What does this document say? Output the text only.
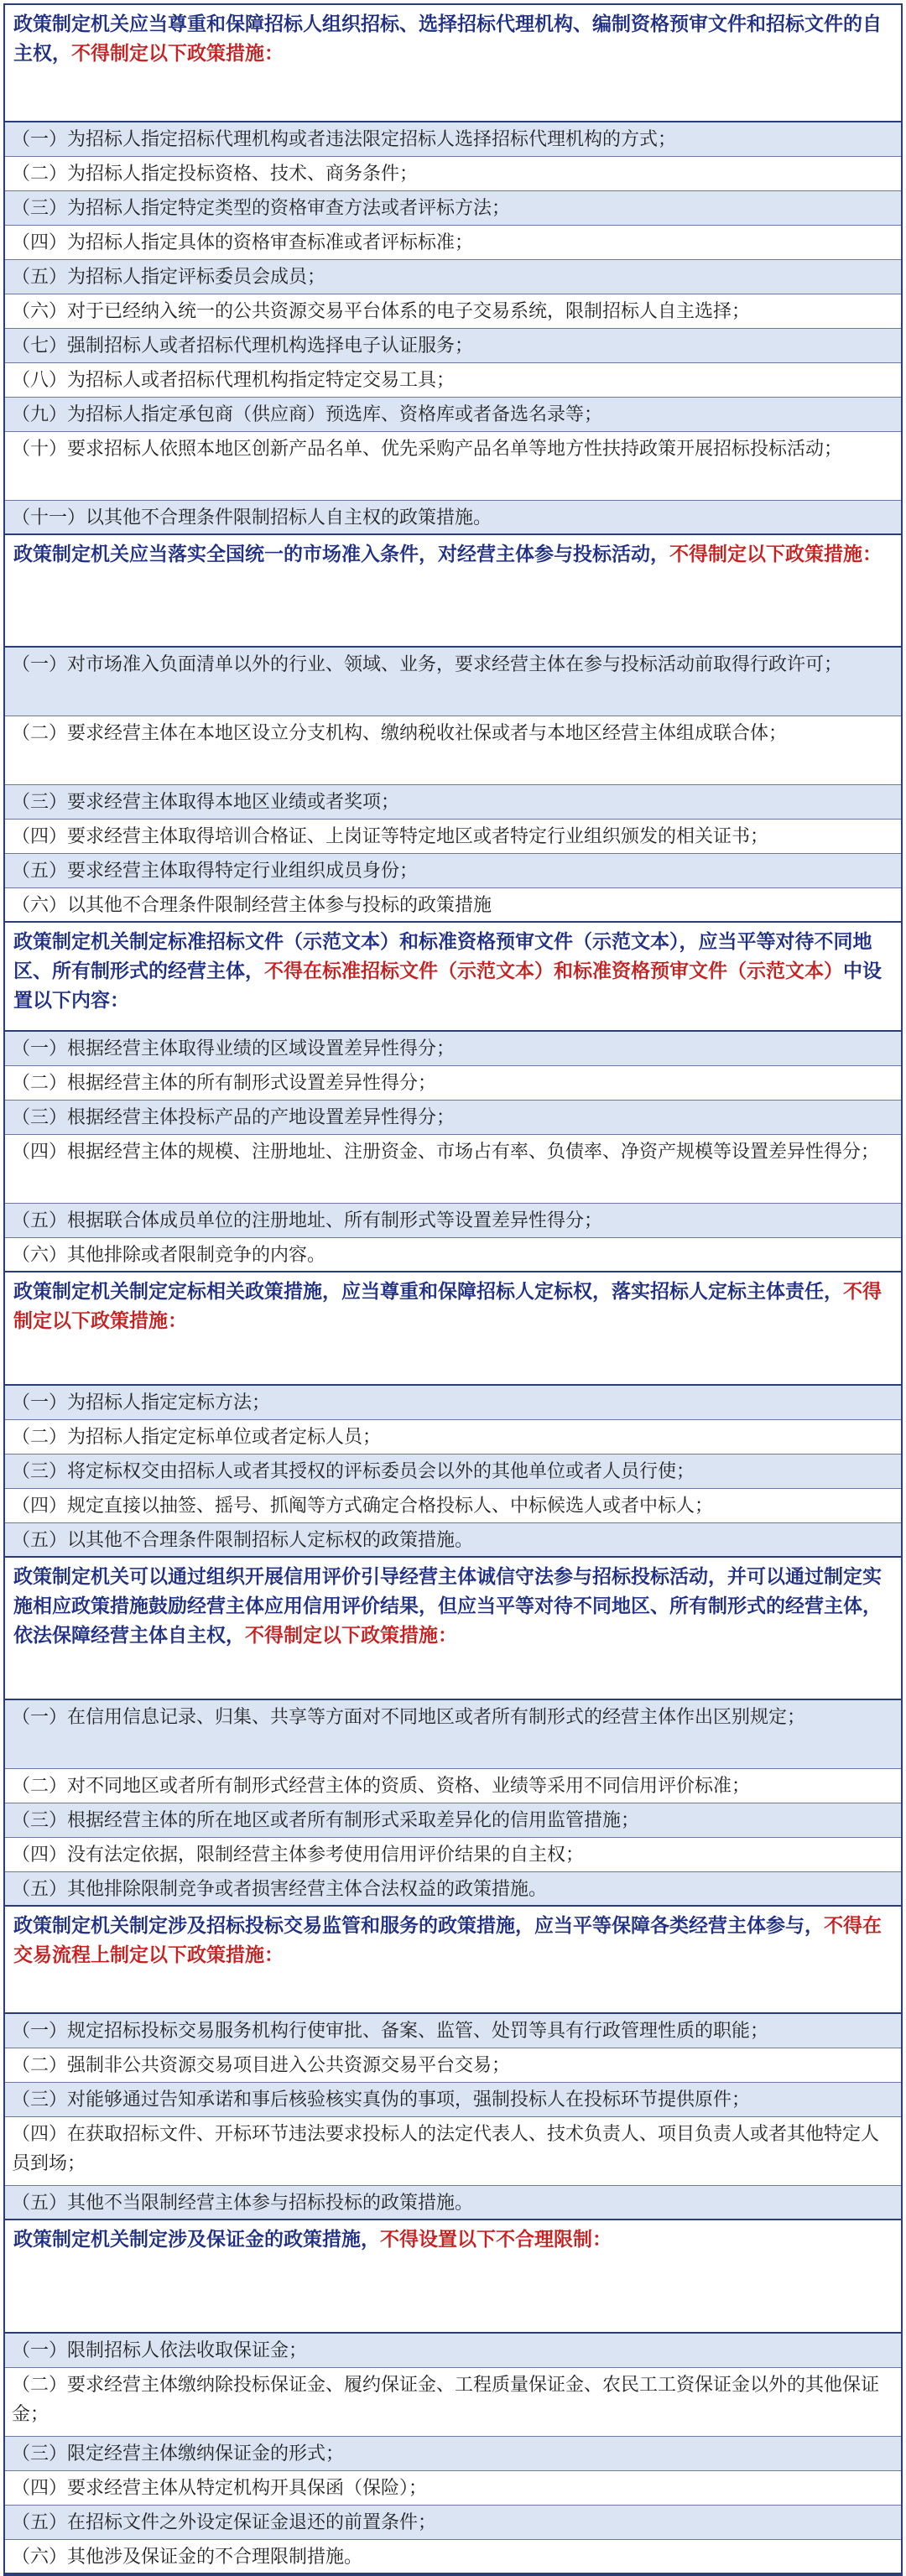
政策制定机关应当尊重和保障招标人组织招标、选择招标代理机构、编制资格预审文件和招标文件的自主权，不得制定以下政策措施：
（一）为招标人指定招标代理机构或者违法限定招标人选择招标代理机构的方式；
（二）为招标人指定投标资格、技术、商务条件；
（三）为招标人指定特定类型的资格审查方法或者评标方法；
（四）为招标人指定具体的资格审查标准或者评标标准；
（五）为招标人指定评标委员会成员；
（六）对于已经纳入统一的公共资源交易平台体系的电子交易系统，限制招标人自主选择；
（七）强制招标人或者招标代理机构选择电子认证服务；
（八）为招标人或者招标代理机构指定特定交易工具；
（九）为招标人指定承包商（供应商）预选库、资格库或者备选名录等；
（十）要求招标人依照本地区创新产品名单、优先采购产品名单等地方性扶持政策开展招标投标活动；
（十一）以其他不合理条件限制招标人自主权的政策措施。
政策制定机关应当落实全国统一的市场准入条件，对经营主体参与投标活动，不得制定以下政策措施：
（一）对市场准入负面清单以外的行业、领域、业务，要求经营主体在参与投标活动前取得行政许可；
（二）要求经营主体在本地区设立分支机构、缴纳税收社保或者与本地区经营主体组成联合体；
（三）要求经营主体取得本地区业绩或者奖项；
（四）要求经营主体取得培训合格证、上岗证等特定地区或者特定行业组织颁发的相关证书；
（五）要求经营主体取得特定行业组织成员身份；
（六）以其他不合理条件限制经营主体参与投标的政策措施
政策制定机关制定标准招标文件（示范文本）和标准资格预审文件（示范文本），应当平等对待不同地区、所有制形式的经营主体，不得在标准招标文件（示范文本）和标准资格预审文件（示范文本）中设置以下内容：
（一）根据经营主体取得业绩的区域设置差异性得分；
（二）根据经营主体的所有制形式设置差异性得分；
（三）根据经营主体投标产品的产地设置差异性得分；
（四）根据经营主体的规模、注册地址、注册资金、市场占有率、负债率、净资产规模等设置差异性得分；
（五）根据联合体成员单位的注册地址、所有制形式等设置差异性得分；
（六）其他排除或者限制竞争的内容。
政策制定机关制定定标相关政策措施，应当尊重和保障招标人定标权，落实招标人定标主体责任，不得制定以下政策措施：
（一）为招标人指定定标方法；
（二）为招标人指定定标单位或者定标人员；
（三）将定标权交由招标人或者其授权的评标委员会以外的其他单位或者人员行使；
（四）规定直接以抽签、摇号、抓阄等方式确定合格投标人、中标候选人或者中标人；
（五）以其他不合理条件限制招标人定标权的政策措施。
政策制定机关可以通过组织开展信用评价引导经营主体诚信守法参与招标投标活动，并可以通过制定实施相应政策措施鼓励经营主体应用信用评价结果，但应当平等对待不同地区、所有制形式的经营主体，依法保障经营主体自主权，不得制定以下政策措施：
（一）在信用信息记录、归集、共享等方面对不同地区或者所有制形式的经营主体作出区别规定；
（二）对不同地区或者所有制形式经营主体的资质、资格、业绩等采用不同信用评价标准；
（三）根据经营主体的所在地区或者所有制形式采取差异化的信用监管措施；
（四）没有法定依据，限制经营主体参考使用信用评价结果的自主权；
（五）其他排除限制竞争或者损害经营主体合法权益的政策措施。
政策制定机关制定涉及招标投标交易监管和服务的政策措施，应当平等保障各类经营主体参与，不得在交易流程上制定以下政策措施：
（一）规定招标投标交易服务机构行使审批、备案、监管、处罚等具有行政管理性质的职能；
（二）强制非公共资源交易项目进入公共资源交易平台交易；
（三）对能够通过告知承诺和事后核验核实真伪的事项，强制投标人在投标环节提供原件；
（四）在获取招标文件、开标环节违法要求投标人的法定代表人、技术负责人、项目负责人或者其他特定人员到场；
（五）其他不当限制经营主体参与招标投标的政策措施。
政策制定机关制定涉及保证金的政策措施，不得设置以下不合理限制：
（一）限制招标人依法收取保证金；
（二）要求经营主体缴纳除投标保证金、履约保证金、工程质量保证金、农民工工资保证金以外的其他保证金；
（三）限定经营主体缴纳保证金的形式；
（四）要求经营主体从特定机构开具保函（保险）；
（五）在招标文件之外设定保证金退还的前置条件；
（六）其他涉及保证金的不合理限制措施。
